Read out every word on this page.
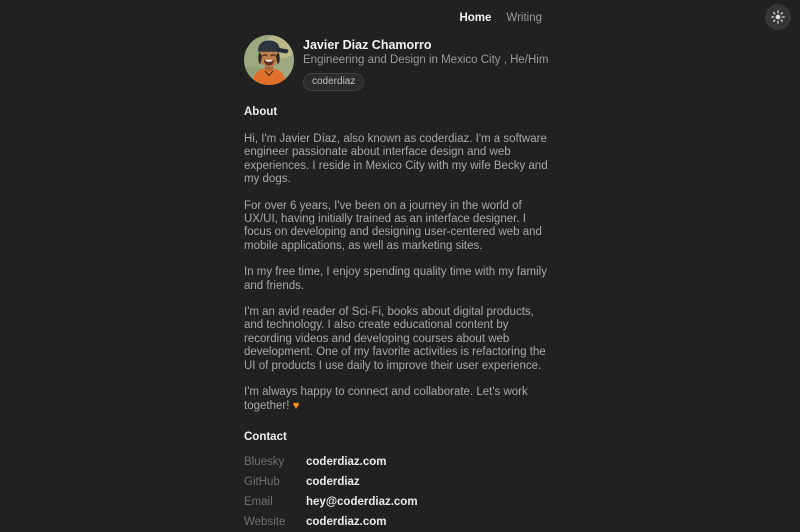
Home Writing
Javier Diaz Chamorro
Engineering and Design in Mexico City , He/Him
coderdiaz
About

Hi, I'm Javier Díaz, also known as coderdiaz. I'm a software engineer passionate about interface design and web experiences. I reside in Mexico City with my wife Becky and my dogs.

For over 6 years, I've been on a journey in the world of UX/UI, having initially trained as an interface designer. I focus on developing and designing user-centered web and mobile applications, as well as marketing sites.

In my free time, I enjoy spending quality time with my family and friends.

I'm an avid reader of Sci-Fi, books about digital products, and technology. I also create educational content by recording videos and developing courses about web development. One of my favorite activities is refactoring the UI of products I use daily to improve their user experience.

I'm always happy to connect and collaborate. Let's work together! ♥

Contact
Bluesky	coderdiaz.com
GitHub	coderdiaz
Email	hey@coderdiaz.com
Website	coderdiaz.com
